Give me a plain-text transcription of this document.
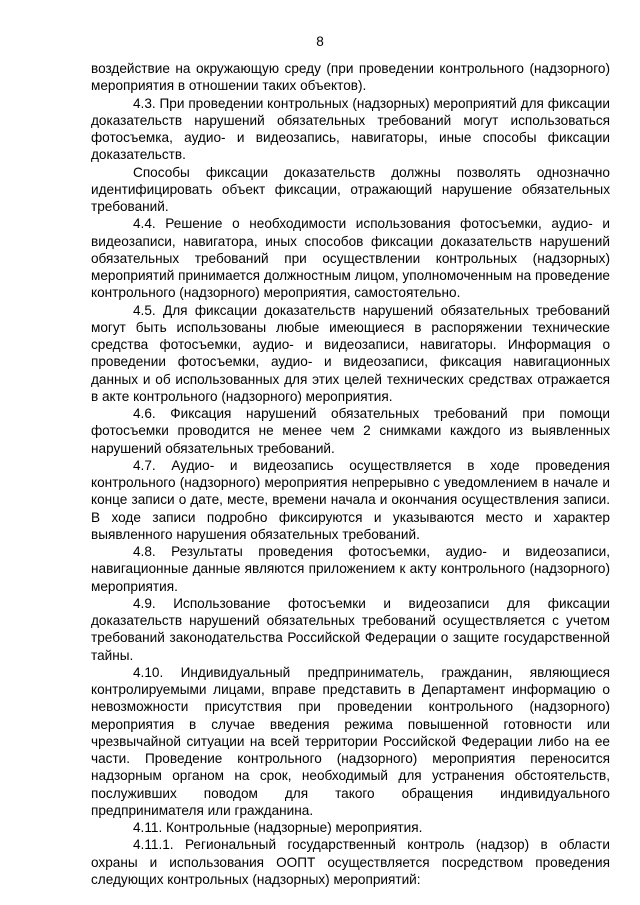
8

воздействие на окружающую среду (при проведении контрольного (надзорного) мероприятия в отношении таких объектов).

4.3. При проведении контрольных (надзорных) мероприятий для фиксации доказательств нарушений обязательных требований могут использоваться фотосъемка, аудио- и видеозапись, навигаторы, иные способы фиксации доказательств.

Способы фиксации доказательств должны позволять однозначно идентифицировать объект фиксации, отражающий нарушение обязательных требований.

4.4. Решение о необходимости использования фотосъемки, аудио- и видеозаписи, навигатора, иных способов фиксации доказательств нарушений обязательных требований при осуществлении контрольных (надзорных) мероприятий принимается должностным лицом, уполномоченным на проведение контрольного (надзорного) мероприятия, самостоятельно.

4.5. Для фиксации доказательств нарушений обязательных требований могут быть использованы любые имеющиеся в распоряжении технические средства фотосъемки, аудио- и видеозаписи, навигаторы. Информация о проведении фотосъемки, аудио- и видеозаписи, фиксация навигационных данных и об использованных для этих целей технических средствах отражается в акте контрольного (надзорного) мероприятия.

4.6. Фиксация нарушений обязательных требований при помощи фотосъемки проводится не менее чем 2 снимками каждого из выявленных нарушений обязательных требований.

4.7. Аудио- и видеозапись осуществляется в ходе проведения контрольного (надзорного) мероприятия непрерывно с уведомлением в начале и конце записи о дате, месте, времени начала и окончания осуществления записи. В ходе записи подробно фиксируются и указываются место и характер выявленного нарушения обязательных требований.

4.8. Результаты проведения фотосъемки, аудио- и видеозаписи, навигационные данные являются приложением к акту контрольного (надзорного) мероприятия.

4.9. Использование фотосъемки и видеозаписи для фиксации доказательств нарушений обязательных требований осуществляется с учетом требований законодательства Российской Федерации о защите государственной тайны.

4.10. Индивидуальный предприниматель, гражданин, являющиеся контролируемыми лицами, вправе представить в Департамент информацию о невозможности присутствия при проведении контрольного (надзорного) мероприятия в случае введения режима повышенной готовности или чрезвычайной ситуации на всей территории Российской Федерации либо на ее части. Проведение контрольного (надзорного) мероприятия переносится надзорным органом на срок, необходимый для устранения обстоятельств, послуживших поводом для такого обращения индивидуального предпринимателя или гражданина.

4.11. Контрольные (надзорные) мероприятия.

4.11.1. Региональный государственный контроль (надзор) в области охраны и использования ООПТ осуществляется посредством проведения следующих контрольных (надзорных) мероприятий:
